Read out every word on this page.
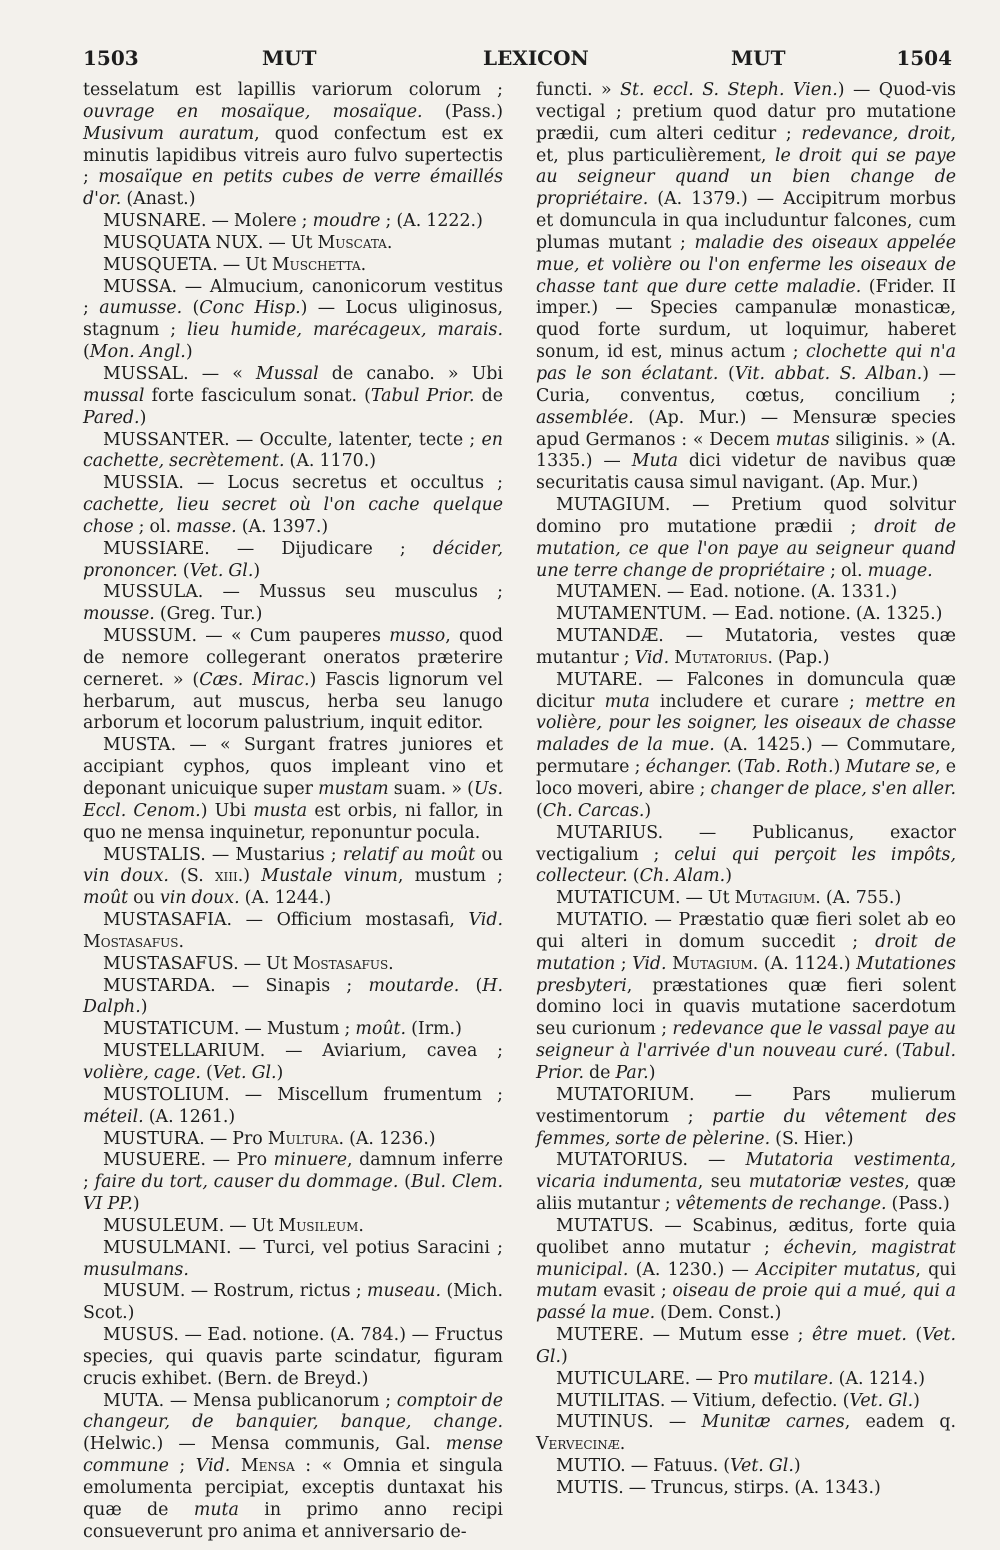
1503	MUT	LEXICON	MUT	1504

tesselatum est lapillis variorum colorum ; ouvrage en mosaïque, mosaïque. (Pass.) Musivum auratum, quod confectum est ex minutis lapidibus vitreis auro fulvo supertectis ; mosaïque en petits cubes de verre émaillés d'or. (Anast.)

MUSNARE. — Molere ; moudre ; (A. 1222.)

MUSQUATA NUX. — Ut Muscata.

MUSQUETA. — Ut Muschetta.

MUSSA. — Almucium, canonicorum vestitus ; aumusse. (Conc Hisp.) — Locus uliginosus, stagnum ; lieu humide, marécageux, marais. (Mon. Angl.)

MUSSAL. — « Mussal de canabo. » Ubi mussal forte fasciculum sonat. (Tabul Prior. de Pared.)

MUSSANTER. — Occulte, latenter, tecte ; en cachette, secrètement. (A. 1170.)

MUSSIA. — Locus secretus et occultus ; cachette, lieu secret où l'on cache quelque chose ; ol. masse. (A. 1397.)

MUSSIARE. — Dijudicare ; décider, prononcer. (Vet. Gl.)

MUSSULA. — Mussus seu musculus ; mousse. (Greg. Tur.)

MUSSUM. — « Cum pauperes musso, quod de nemore collegerant oneratos præterire cerneret. » (Cæs. Mirac.) Fascis lignorum vel herbarum, aut muscus, herba seu lanugo arborum et locorum palustrium, inquit editor.

MUSTA. — « Surgant fratres juniores et accipiant cyphos, quos impleant vino et deponant unicuique super mustam suam. » (Us. Eccl. Cenom.) Ubi musta est orbis, ni fallor, in quo ne mensa inquinetur, reponuntur pocula.

MUSTALIS. — Mustarius ; relatif au moût ou vin doux. (S. xiii.) Mustale vinum, mustum ; moût ou vin doux. (A. 1244.)

MUSTASAFIA. — Officium mostasafi, Vid. Mostasafus.

MUSTASAFUS. — Ut Mostasafus.

MUSTARDA. — Sinapis ; moutarde. (H. Dalph.)

MUSTATICUM. — Mustum ; moût. (Irm.)

MUSTELLARIUM. — Aviarium, cavea ; volière, cage. (Vet. Gl.)

MUSTOLIUM. — Miscellum frumentum ; méteil. (A. 1261.)

MUSTURA. — Pro Multura. (A. 1236.)

MUSUERE. — Pro minuere, damnum inferre ; faire du tort, causer du dommage. (Bul. Clem. VI PP.)

MUSULEUM. — Ut Musileum.

MUSULMANI. — Turci, vel potius Saracini ; musulmans.

MUSUM. — Rostrum, rictus ; museau. (Mich. Scot.)

MUSUS. — Ead. notione. (A. 784.) — Fructus species, qui quavis parte scindatur, figuram crucis exhibet. (Bern. de Breyd.)

MUTA. — Mensa publicanorum ; comptoir de changeur, de banquier, banque, change. (Helwic.) — Mensa communis, Gal. mense commune ; Vid. Mensa : « Omnia et singula emolumenta percipiat, exceptis duntaxat his quæ de muta in primo anno recipi consueverunt pro anima et anniversario de-

functi. » St. eccl. S. Steph. Vien.) — Quod-vis vectigal ; pretium quod datur pro mutatione prædii, cum alteri ceditur ; redevance, droit, et, plus particulièrement, le droit qui se paye au seigneur quand un bien change de propriétaire. (A. 1379.) — Accipitrum morbus et domuncula in qua includuntur falcones, cum plumas mutant ; maladie des oiseaux appelée mue, et volière ou l'on enferme les oiseaux de chasse tant que dure cette maladie. (Frider. II imper.) — Species campanulæ monasticæ, quod forte surdum, ut loquimur, haberet sonum, id est, minus actum ; clochette qui n'a pas le son éclatant. (Vit. abbat. S. Alban.) — Curia, conventus, cœtus, concilium ; assemblée. (Ap. Mur.) — Mensuræ species apud Germanos : « Decem mutas siliginis. » (A. 1335.) — Muta dici videtur de navibus quæ securitatis causa simul navigant. (Ap. Mur.)

MUTAGIUM. — Pretium quod solvitur domino pro mutatione prædii ; droit de mutation, ce que l'on paye au seigneur quand une terre change de propriétaire ; ol. muage.

MUTAMEN. — Ead. notione. (A. 1331.)

MUTAMENTUM. — Ead. notione. (A. 1325.)

MUTANDÆ. — Mutatoria, vestes quæ mutantur ; Vid. Mutatorius. (Pap.)

MUTARE. — Falcones in domuncula quæ dicitur muta includere et curare ; mettre en volière, pour les soigner, les oiseaux de chasse malades de la mue. (A. 1425.) — Commutare, permutare ; échanger. (Tab. Roth.) Mutare se, e loco moveri, abire ; changer de place, s'en aller. (Ch. Carcas.)

MUTARIUS. — Publicanus, exactor vectigalium ; celui qui perçoit les impôts, collecteur. (Ch. Alam.)

MUTATICUM. — Ut Mutagium. (A. 755.)

MUTATIO. — Præstatio quæ fieri solet ab eo qui alteri in domum succedit ; droit de mutation ; Vid. Mutagium. (A. 1124.) Mutationes presbyteri, præstationes quæ fieri solent domino loci in quavis mutatione sacerdotum seu curionum ; redevance que le vassal paye au seigneur à l'arrivée d'un nouveau curé. (Tabul. Prior. de Par.)

MUTATORIUM. — Pars mulierum vestimentorum ; partie du vêtement des femmes, sorte de pèlerine. (S. Hier.)

MUTATORIUS. — Mutatoria vestimenta, vicaria indumenta, seu mutatoriæ vestes, quæ aliis mutantur ; vêtements de rechange. (Pass.)

MUTATUS. — Scabinus, æditus, forte quia quolibet anno mutatur ; échevin, magistrat municipal. (A. 1230.) — Accipiter mutatus, qui mutam evasit ; oiseau de proie qui a mué, qui a passé la mue. (Dem. Const.)

MUTERE. — Mutum esse ; être muet. (Vet. Gl.)

MUTICULARE. — Pro mutilare. (A. 1214.)

MUTILITAS. — Vitium, defectio. (Vet. Gl.)

MUTINUS. — Munitæ carnes, eadem q. Vervecinæ.

MUTIO. — Fatuus. (Vet. Gl.)

MUTIS. — Truncus, stirps. (A. 1343.)
